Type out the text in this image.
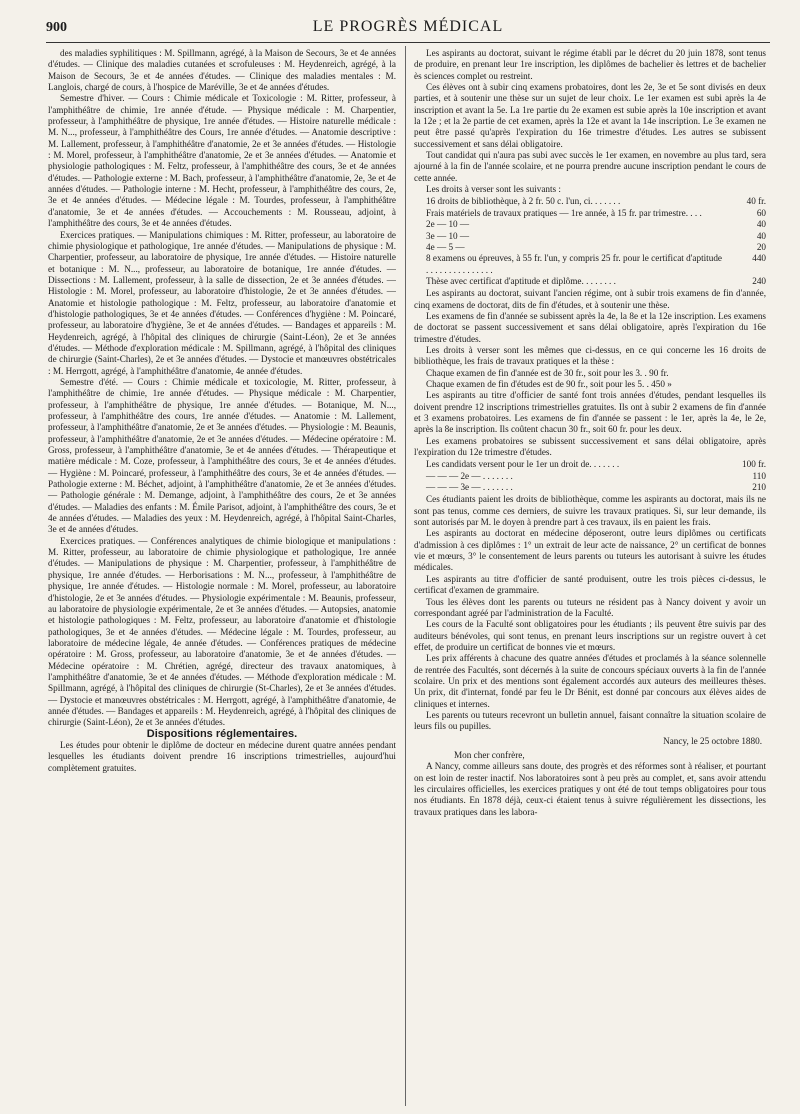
900	LE PROGRÈS MÉDICAL

des maladies syphilitiques : M. Spillmann, agrégé, à la Maison de Secours, 3e et 4e années d'études. — Clinique des maladies cutanées et scrofuleuses : M. Heydenreich, agrégé, à la Maison de Secours, 3e et 4e années d'études. — Clinique des maladies mentales : M. Langlois, chargé de cours, à l'hospice de Maréville, 3e et 4e années d'études.

Semestre d'hiver. — Cours : Chimie médicale et Toxicologie : M. Ritter, professeur, à l'amphithéâtre de chimie, 1re année d'étude. — Physique médicale : M. Charpentier, professeur, à l'amphithéâtre de physique, 1re année d'études. — Histoire naturelle médicale : M. N..., professeur, à l'amphithéâtre des Cours, 1re année d'études. — Anatomie descriptive : M. Lallement, professeur, à l'amphithéâtre d'anatomie, 2e et 3e années d'études. — Histologie : M. Morel, professeur, à l'amphithéâtre d'anatomie, 2e et 3e années d'études. — Anatomie et physiologie pathologiques : M. Feltz, professeur, à l'amphithéâtre des cours, 3e et 4e années d'études. — Pathologie externe : M. Bach, professeur, à l'amphithéâtre d'anatomie, 2e, 3e et 4e années d'études. — Pathologie interne : M. Hecht, professeur, à l'amphithéâtre des cours, 2e, 3e et 4e années d'études. — Médecine légale : M. Tourdes, professeur, à l'amphithéâtre d'anatomie, 3e et 4e années d'études. — Accouchements : M. Rousseau, adjoint, à l'amphithéâtre des cours, 3e et 4e années d'études.

Exercices pratiques. — Manipulations chimiques : M. Ritter, professeur, au laboratoire de chimie physiologique et pathologique, 1re année d'études. — Manipulations de physique : M. Charpentier, professeur, au laboratoire de physique, 1re année d'études. — Histoire naturelle et botanique : M. N..., professeur, au laboratoire de botanique, 1re année d'études. — Dissections : M. Lallement, professeur, à la salle de dissection, 2e et 3e années d'études. — Histologie : M. Morel, professeur, au laboratoire d'histologie, 2e et 3e années d'études. — Anatomie et histologie pathologique : M. Feltz, professeur, au laboratoire d'anatomie et d'histologie pathologiques, 3e et 4e années d'études. — Conférences d'hygiène : M. Poincaré, professeur, au laboratoire d'hygiène, 3e et 4e années d'études. — Bandages et appareils : M. Heydenreich, agrégé, à l'hôpital des cliniques de chirurgie (Saint-Léon), 2e et 3e années d'études. — Méthode d'exploration médicale : M. Spillmann, agrégé, à l'hôpital des cliniques de chirurgie (Saint-Charles), 2e et 3e années d'études. — Dystocie et manœuvres obstétricales : M. Herrgott, agrégé, à l'amphithéâtre d'anatomie, 4e année d'études.

Semestre d'été. — Cours : Chimie médicale et toxicologie, M. Ritter, professeur, à l'amphithéâtre de chimie, 1re année d'études. — Physique médicale : M. Charpentier, professeur, à l'amphithéâtre de physique, 1re année d'études. — Botanique, M. N..., professeur, à l'amphithéâtre des cours, 1re année d'études. — Anatomie : M. Lallement, professeur, à l'amphithéâtre d'anatomie, 2e et 3e années d'études. — Physiologie : M. Beaunis, professeur, à l'amphithéâtre d'anatomie, 2e et 3e années d'études. — Médecine opératoire : M. Gross, professeur, à l'amphithéâtre d'anatomie, 3e et 4e années d'études. — Thérapeutique et matière médicale : M. Coze, professeur, à l'amphithéâtre des cours, 3e et 4e années d'études. — Hygiène : M. Poincaré, professeur, à l'amphithéâtre des cours, 3e et 4e années d'études. — Pathologie externe : M. Béchet, adjoint, à l'amphithéâtre d'anatomie, 2e et 3e années d'études. — Pathologie générale : M. Demange, adjoint, à l'amphithéâtre des cours, 2e et 3e années d'études. — Maladies des enfants : M. Émile Parisot, adjoint, à l'amphithéâtre des cours, 3e et 4e années d'études. — Maladies des yeux : M. Heydenreich, agrégé, à l'hôpital Saint-Charles, 3e et 4e années d'études.

Exercices pratiques. — Conférences analytiques de chimie biologique et manipulations : M. Ritter, professeur, au laboratoire de chimie physiologique et pathologique, 1re année d'études. — Manipulations de physique : M. Charpentier, professeur, à l'amphithéâtre de physique, 1re année d'études. — Herborisations : M. N..., professeur, à l'amphithéâtre de physique, 1re année d'études. — Histologie normale : M. Morel, professeur, au laboratoire d'histologie, 2e et 3e années d'études. — Physiologie expérimentale : M. Beaunis, professeur, au laboratoire de physiologie expérimentale, 2e et 3e années d'études. — Autopsies, anatomie et histologie pathologiques : M. Feltz, professeur, au laboratoire d'anatomie et d'histologie pathologiques, 3e et 4e années d'études. — Médecine légale : M. Tourdes, professeur, au laboratoire de médecine légale, 4e année d'études. — Conférences pratiques de médecine opératoire : M. Gross, professeur, au laboratoire d'anatomie, 3e et 4e années d'études. — Médecine opératoire : M. Chrétien, agrégé, directeur des travaux anatomiques, à l'amphithéâtre d'anatomie, 3e et 4e années d'études. — Méthode d'exploration médicale : M. Spillmann, agrégé, à l'hôpital des cliniques de chirurgie (St-Charles), 2e et 3e années d'études. — Dystocie et manœuvres obstétricales : M. Herrgott, agrégé, à l'amphithéâtre d'anatomie, 4e année d'études. — Bandages et appareils : M. Heydenreich, agrégé, à l'hôpital des cliniques de chirurgie (Saint-Léon), 2e et 3e années d'études.

Dispositions réglementaires.

Les études pour obtenir le diplôme de docteur en médecine durent quatre années pendant lesquelles les étudiants doivent prendre 16 inscriptions trimestrielles, aujourd'hui complètement gratuites.

Les aspirants au doctorat, suivant le régime établi par le décret du 20 juin 1878, sont tenus de produire, en prenant leur 1re inscription, les diplômes de bachelier ès lettres et de bachelier ès sciences complet ou restreint.

Ces élèves ont à subir cinq examens probatoires, dont les 2e, 3e et 5e sont divisés en deux parties, et à soutenir une thèse sur un sujet de leur choix. Le 1er examen est subi après la 4e inscription et avant la 5e. La 1re partie du 2e examen est subie après la 10e inscription et avant la 12e ; et la 2e partie de cet examen, après la 12e et avant la 14e inscription. Le 3e examen ne peut être passé qu'après l'expiration du 16e trimestre d'études. Les autres se subissent successivement et sans délai obligatoire.

Tout candidat qui n'aura pas subi avec succès le 1er examen, en novembre au plus tard, sera ajourné à la fin de l'année scolaire, et ne pourra prendre aucune inscription pendant le cours de cette année.

Les droits à verser sont les suivants :

16 droits de bibliothèque, à 2 fr. 50 c. l'un, ci. . . . . . .	40 fr.
Frais matériels de travaux pratiques — 1re année, à 15 fr. par trimestre. . . .	60
2e — 10 —	40
3e — 10 —	40
4e — 5 —	20
8 examens ou épreuves, à 55 fr. l'un, y compris 25 fr. pour le certificat d'aptitude . . . . . . . . . . . . . . .	440
Thèse avec certificat d'aptitude et diplôme. . . . . . . .	240

Les aspirants au doctorat, suivant l'ancien régime, ont à subir trois examens de fin d'année, cinq examens de doctorat, dits de fin d'études, et à soutenir une thèse.

Les examens de fin d'année se subissent après la 4e, la 8e et la 12e inscription. Les examens de doctorat se passent successivement et sans délai obligatoire, après l'expiration du 16e trimestre d'études.

Les droits à verser sont les mêmes que ci-dessus, en ce qui concerne les 16 droits de bibliothèque, les frais de travaux pratiques et la thèse :

Chaque examen de fin d'année est de 30 fr., soit pour les 3. . 90 fr.

Chaque examen de fin d'études est de 90 fr., soit pour les 5. . 450 »

Les aspirants au titre d'officier de santé font trois années d'études, pendant lesquelles ils doivent prendre 12 inscriptions trimestrielles gratuites. Ils ont à subir 2 examens de fin d'année et 3 examens probatoires. Les examens de fin d'année se passent : le 1er, après la 4e, le 2e, après la 8e inscription. Ils coûtent chacun 30 fr., soit 60 fr. pour les deux.

Les examens probatoires se subissent successivement et sans délai obligatoire, après l'expiration du 12e trimestre d'études.

Les candidats versent pour le 1er un droit de. . . . . . .	100 fr.
— — — 2e — . . . . . . .	110
— — — 3e — . . . . . . .	210

Ces étudiants paient les droits de bibliothèque, comme les aspirants au doctorat, mais ils ne sont pas tenus, comme ces derniers, de suivre les travaux pratiques. Si, sur leur demande, ils sont autorisés par M. le doyen à prendre part à ces travaux, ils en paient les frais.

Les aspirants au doctorat en médecine déposeront, outre leurs diplômes ou certificats d'admission à ces diplômes : 1° un extrait de leur acte de naissance, 2° un certificat de bonnes vie et mœurs, 3° le consentement de leurs parents ou tuteurs les autorisant à suivre les études médicales.

Les aspirants au titre d'officier de santé produisent, outre les trois pièces ci-dessus, le certificat d'examen de grammaire.

Tous les élèves dont les parents ou tuteurs ne résident pas à Nancy doivent y avoir un correspondant agréé par l'administration de la Faculté.

Les cours de la Faculté sont obligatoires pour les étudiants ; ils peuvent être suivis par des auditeurs bénévoles, qui sont tenus, en prenant leurs inscriptions sur un registre ouvert à cet effet, de produire un certificat de bonnes vie et mœurs.

Les prix afférents à chacune des quatre années d'études et proclamés à la séance solennelle de rentrée des Facultés, sont décernés à la suite de concours spéciaux ouverts à la fin de l'année scolaire. Un prix et des mentions sont également accordés aux auteurs des meilleures thèses. Un prix, dit d'internat, fondé par feu le Dr Bénit, est donné par concours aux élèves aides de cliniques et internes.

Les parents ou tuteurs recevront un bulletin annuel, faisant connaître la situation scolaire de leurs fils ou pupilles.

Nancy, le 25 octobre 1880.

Mon cher confrère,

A Nancy, comme ailleurs sans doute, des progrès et des réformes sont à réaliser, et pourtant on est loin de rester inactif. Nos laboratoires sont à peu près au complet, et, sans avoir attendu les circulaires officielles, les exercices pratiques y ont été de tout temps obligatoires pour tous nos étudiants. En 1878 déjà, ceux-ci étaient tenus à suivre régulièrement les dissections, les travaux pratiques dans les labora-
